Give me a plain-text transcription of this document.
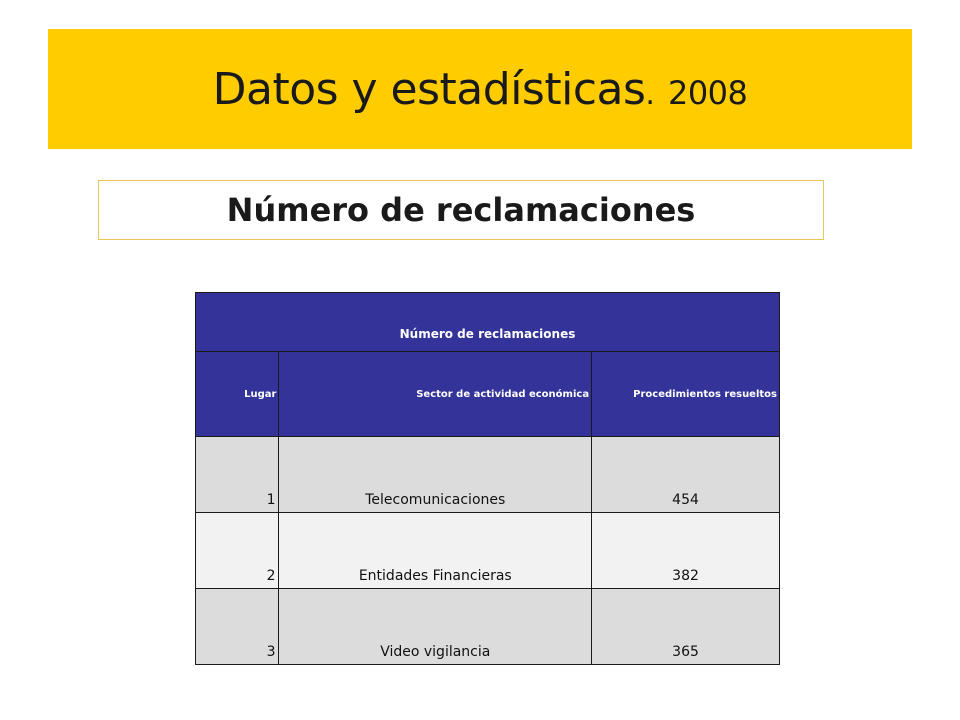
Datos y estadísticas. 2008
Número de reclamaciones
Número de reclamaciones		
Lugar	Sector de actividad económica	Procedimientos resueltos
1	Telecomunicaciones	454
2	Entidades Financieras	382
3	Video vigilancia	365
